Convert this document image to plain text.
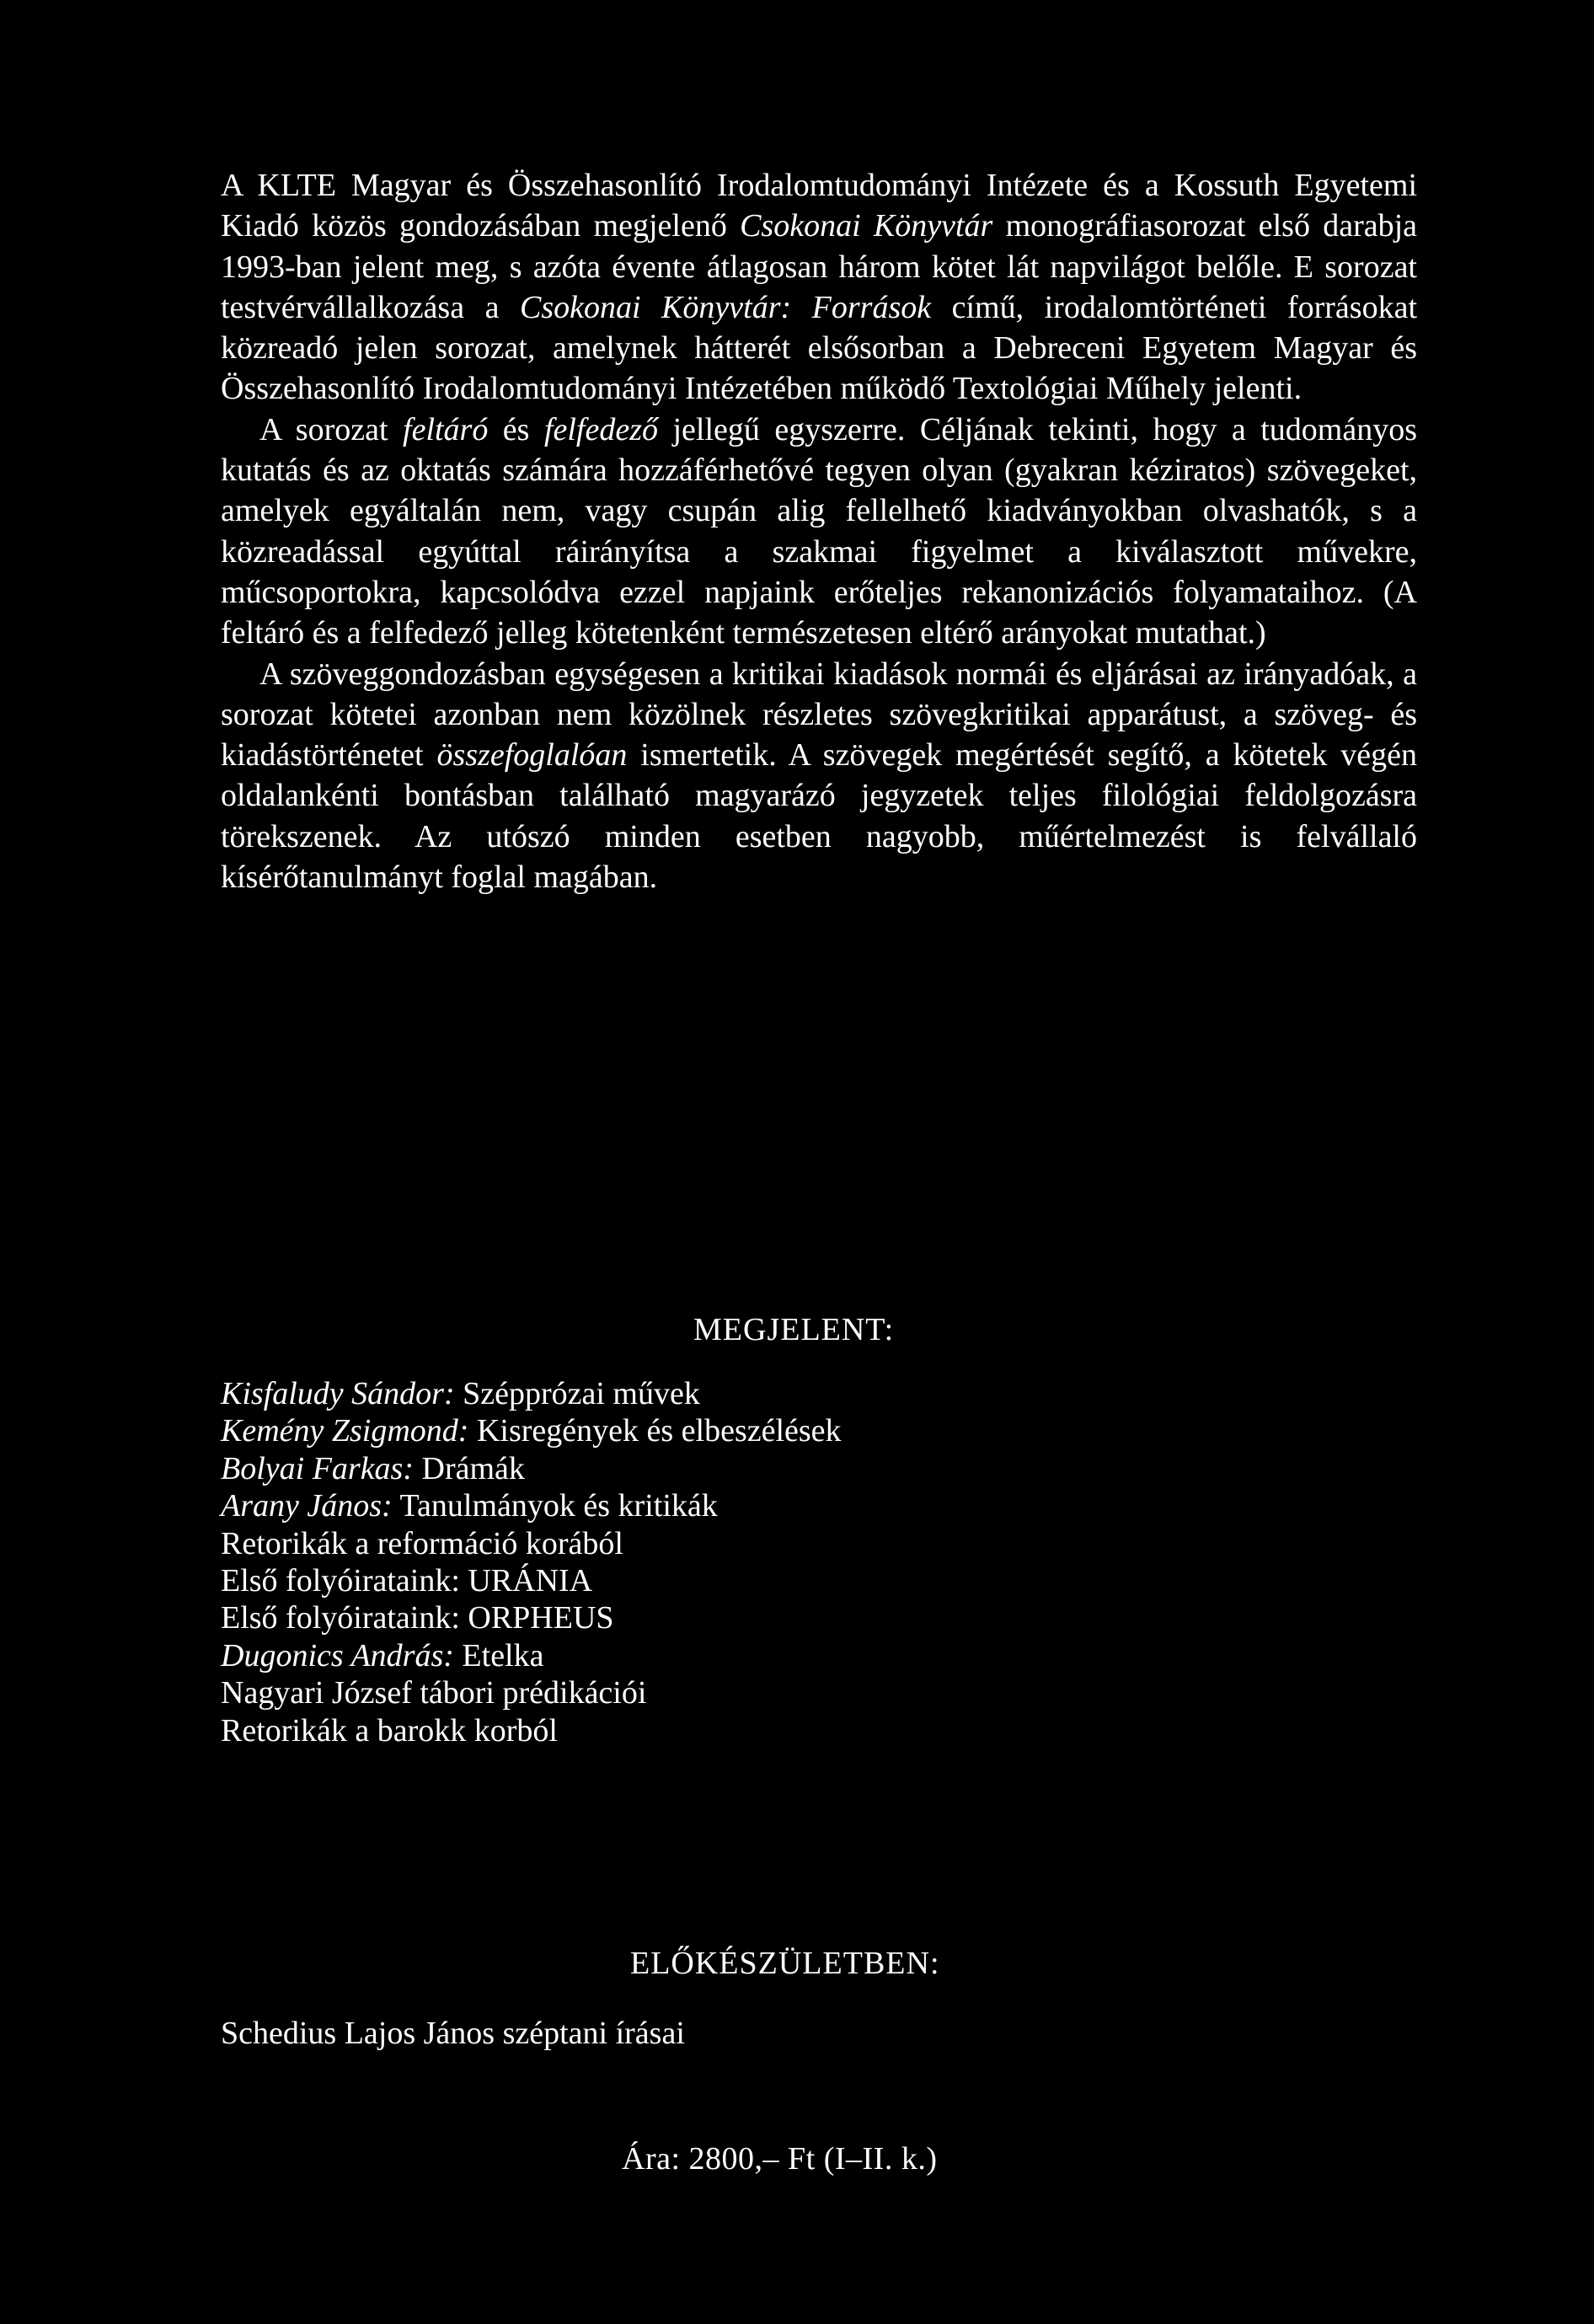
A KLTE Magyar és Összehasonlító Irodalomtudományi Intézete és a Kossuth Egyetemi Kiadó közös gondozásában megjelenő Csokonai Könyvtár monográfiasorozat első darabja 1993-ban jelent meg, s azóta évente átlagosan három kötet lát napvilágot belőle. E sorozat testvérvállalkozása a Csokonai Könyvtár: Források című, irodalomtörténeti forrásokat közreadó jelen sorozat, amelynek hátterét elsősorban a Debreceni Egyetem Magyar és Összehasonlító Irodalomtudományi Intézetében működő Textológiai Műhely jelenti.

A sorozat feltáró és felfedező jellegű egyszerre. Céljának tekinti, hogy a tudományos kutatás és az oktatás számára hozzáférhetővé tegyen olyan (gyakran kéziratos) szövegeket, amelyek egyáltalán nem, vagy csupán alig fellelhető kiadványokban olvashatók, s a közreadással egyúttal ráirányítsa a szakmai figyelmet a kiválasztott művekre, műcsoportokra, kapcsolódva ezzel napjaink erőteljes rekanonizációs folyamataihoz. (A feltáró és a felfedező jelleg kötetenként természetesen eltérő arányokat mutathat.)

A szöveggondozásban egységesen a kritikai kiadások normái és eljárásai az irányadóak, a sorozat kötetei azonban nem közölnek részletes szövegkritikai apparátust, a szöveg- és kiadástörténetet összefoglalóan ismertetik. A szövegek megértését segítő, a kötetek végén oldalankénti bontásban található magyarázó jegyzetek teljes filológiai feldolgozásra törekszenek. Az utószó minden esetben nagyobb, műértelmezést is felvállaló kísérőtanulmányt foglal magában.

MEGJELENT:
Kisfaludy Sándor: Szépprózai művek
Kemény Zsigmond: Kisregények és elbeszélések
Bolyai Farkas: Drámák
Arany János: Tanulmányok és kritikák
Retorikák a reformáció korából
Első folyóirataink: URÁNIA
Első folyóirataink: ORPHEUS
Dugonics András: Etelka
Nagyari József tábori prédikációi
Retorikák a barokk korból
ELŐKÉSZÜLETBEN:
Schedius Lajos János széptani írásai
Ára: 2800,– Ft (I–II. k.)
